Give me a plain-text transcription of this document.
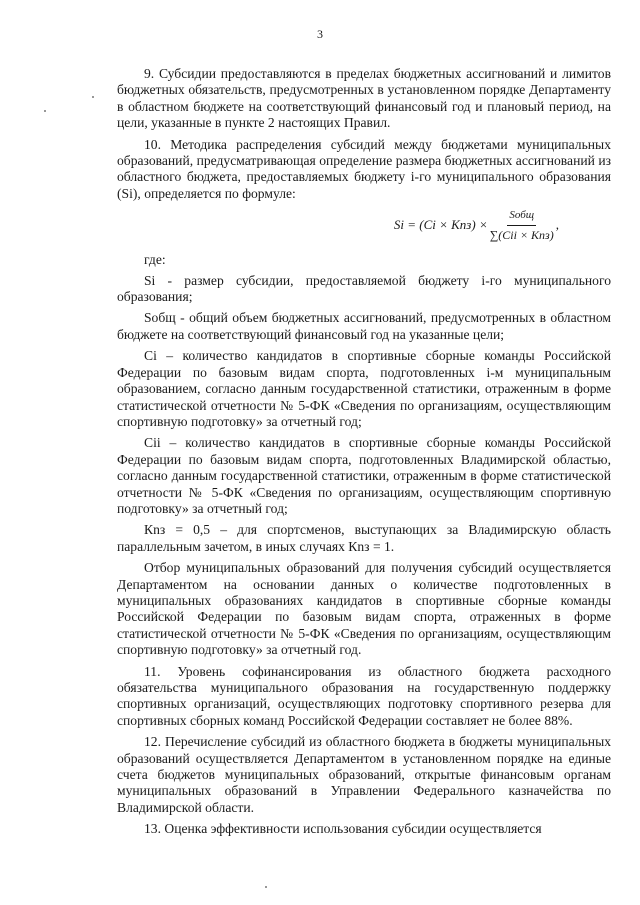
3

9. Субсидии предоставляются в пределах бюджетных ассигнований и лимитов бюджетных обязательств, предусмотренных в установленном порядке Департаменту в областном бюджете на соответствующий финансовый год и плановый период, на цели, указанные в пункте 2 настоящих Правил.

10. Методика распределения субсидий между бюджетами муниципальных образований, предусматривающая определение размера бюджетных ассигнований из областного бюджета, предоставляемых бюджету i-го муниципального образования (Si), определяется по формуле:

$Si = (Ci \times Knз) \times \frac{\text{Sобщ}}{\text{∑(Cii × Knз)}}$ ,

где:

Si - размер субсидии, предоставляемой бюджету i-го муниципального образования;

Sобщ - общий объем бюджетных ассигнований, предусмотренных в областном бюджете на соответствующий финансовый год на указанные цели;

Ci – количество кандидатов в спортивные сборные команды Российской Федерации по базовым видам спорта, подготовленных i-м муниципальным образованием, согласно данным государственной статистики, отраженным в форме статистической отчетности № 5-ФК «Сведения по организациям, осуществляющим спортивную подготовку» за отчетный год;

Cii – количество кандидатов в спортивные сборные команды Российской Федерации по базовым видам спорта, подготовленных Владимирской областью, согласно данным государственной статистики, отраженным в форме статистической отчетности № 5-ФК «Сведения по организациям, осуществляющим спортивную подготовку» за отчетный год;

Кnз = 0,5 – для спортсменов, выступающих за Владимирскую область параллельным зачетом, в иных случаях Кnз = 1.

Отбор муниципальных образований для получения субсидий осуществляется Департаментом на основании данных о количестве подготовленных в муниципальных образованиях кандидатов в спортивные сборные команды Российской Федерации по базовым видам спорта, отраженных в форме статистической отчетности № 5-ФК «Сведения по организациям, осуществляющим спортивную подготовку» за отчетный год.

11. Уровень софинансирования из областного бюджета расходного обязательства муниципального образования на государственную поддержку спортивных организаций, осуществляющих подготовку спортивного резерва для спортивных сборных команд Российской Федерации составляет не более 88%.

12. Перечисление субсидий из областного бюджета в бюджеты муниципальных образований осуществляется Департаментом в установленном порядке на единые счета бюджетов муниципальных образований, открытые финансовым органам муниципальных образований в Управлении Федерального казначейства по Владимирской области.

13. Оценка эффективности использования субсидии осуществляется
